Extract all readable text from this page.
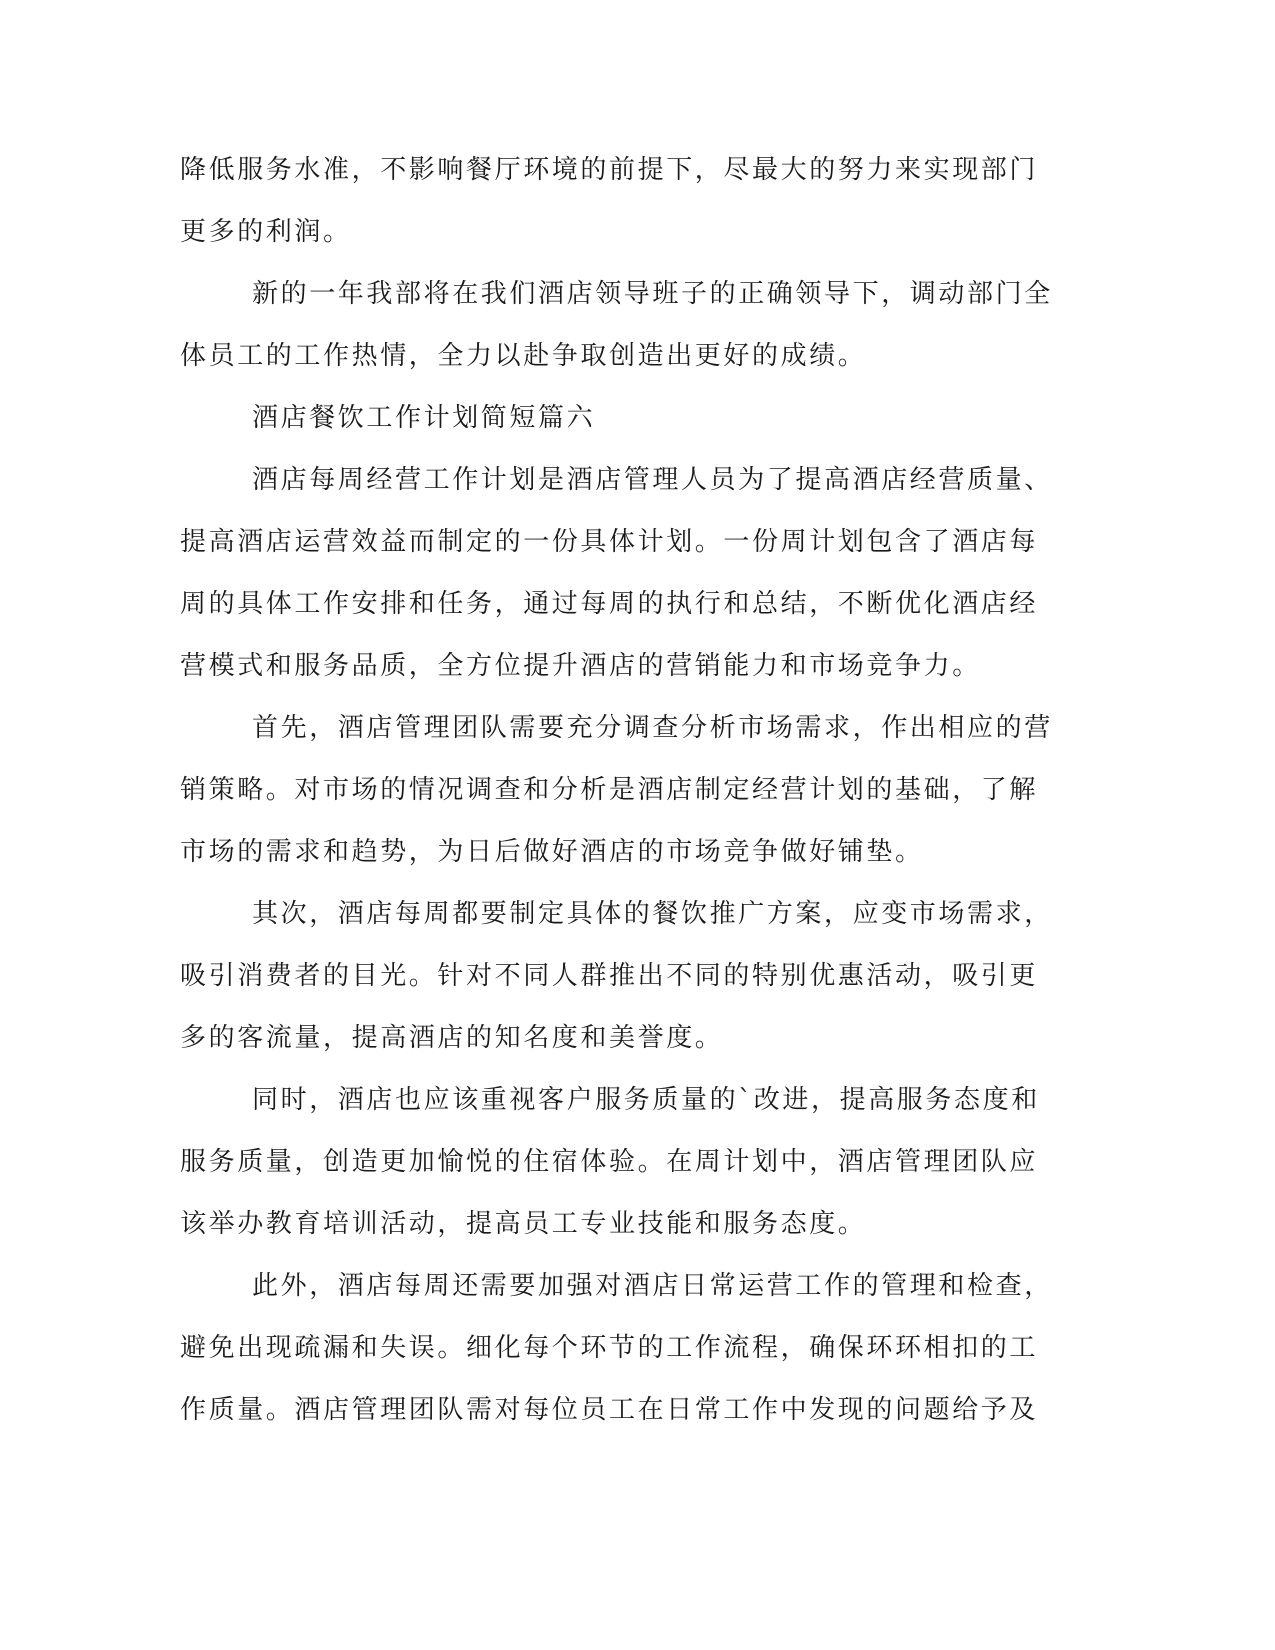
降低服务水准，不影响餐厅环境的前提下，尽最大的努力来实现部门
更多的利润。
新的一年我部将在我们酒店领导班子的正确领导下，调动部门全
体员工的工作热情，全力以赴争取创造出更好的成绩。
酒店餐饮工作计划简短篇六
酒店每周经营工作计划是酒店管理人员为了提高酒店经营质量、
提高酒店运营效益而制定的一份具体计划。一份周计划包含了酒店每
周的具体工作安排和任务，通过每周的执行和总结，不断优化酒店经
营模式和服务品质，全方位提升酒店的营销能力和市场竞争力。
首先，酒店管理团队需要充分调查分析市场需求，作出相应的营
销策略。对市场的情况调查和分析是酒店制定经营计划的基础，了解
市场的需求和趋势，为日后做好酒店的市场竞争做好铺垫。
其次，酒店每周都要制定具体的餐饮推广方案，应变市场需求，
吸引消费者的目光。针对不同人群推出不同的特别优惠活动，吸引更
多的客流量，提高酒店的知名度和美誉度。
同时，酒店也应该重视客户服务质量的`改进，提高服务态度和
服务质量，创造更加愉悦的住宿体验。在周计划中，酒店管理团队应
该举办教育培训活动，提高员工专业技能和服务态度。
此外，酒店每周还需要加强对酒店日常运营工作的管理和检查，
避免出现疏漏和失误。细化每个环节的工作流程，确保环环相扣的工
作质量。酒店管理团队需对每位员工在日常工作中发现的问题给予及
